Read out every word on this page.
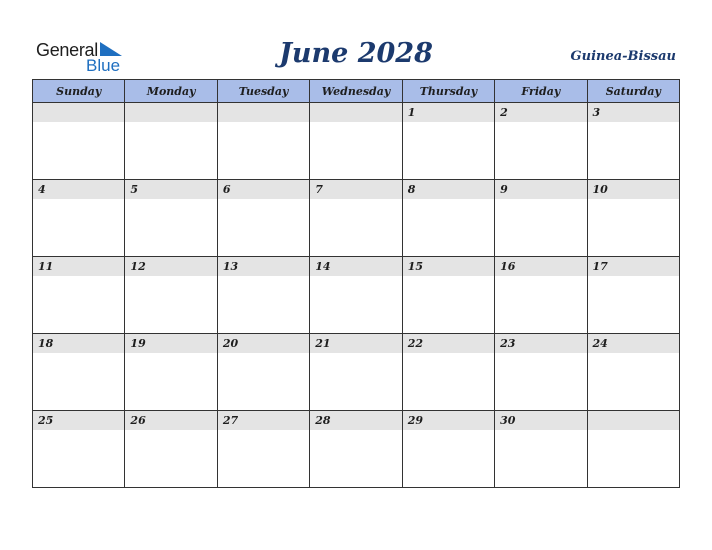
General
Blue	June 2028	Guinea-Bissau
Sunday	Monday	Tuesday	Wednesday	Thursday	Friday	Saturday

				1	2	3

4	5	6	7	8	9	10

11	12	13	14	15	16	17

18	19	20	21	22	23	24

25	26	27	28	29	30	
